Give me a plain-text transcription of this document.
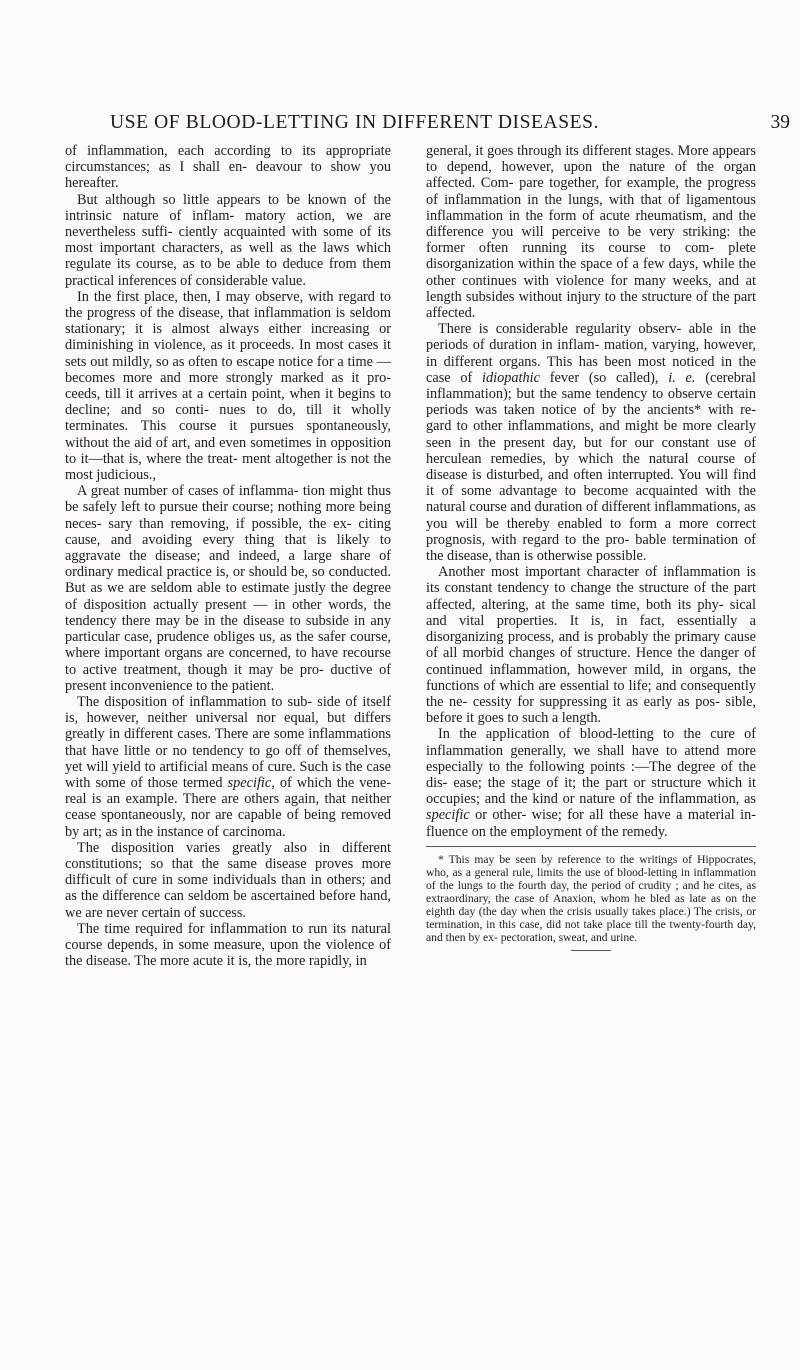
USE OF BLOOD-LETTING IN DIFFERENT DISEASES.	39

of inflammation, each according to its appropriate circumstances; as I shall en- deavour to show you hereafter.

But although so little appears to be known of the intrinsic nature of inflam- matory action, we are nevertheless suffi- ciently acquainted with some of its most important characters, as well as the laws which regulate its course, as to be able to deduce from them practical inferences of considerable value.

In the first place, then, I may observe, with regard to the progress of the disease, that inflammation is seldom stationary; it is almost always either increasing or diminishing in violence, as it proceeds. In most cases it sets out mildly, so as often to escape notice for a time — becomes more and more strongly marked as it pro- ceeds, till it arrives at a certain point, when it begins to decline; and so conti- nues to do, till it wholly terminates. This course it pursues spontaneously, without the aid of art, and even sometimes in opposition to it—that is, where the treat- ment altogether is not the most judicious.,

A great number of cases of inflamma- tion might thus be safely left to pursue their course; nothing more being neces- sary than removing, if possible, the ex- citing cause, and avoiding every thing that is likely to aggravate the disease; and indeed, a large share of ordinary medical practice is, or should be, so conducted. But as we are seldom able to estimate justly the degree of disposition actually present — in other words, the tendency there may be in the disease to subside in any particular case, prudence obliges us, as the safer course, where important organs are concerned, to have recourse to active treatment, though it may be pro- ductive of present inconvenience to the patient.

The disposition of inflammation to sub- side of itself is, however, neither universal nor equal, but differs greatly in different cases. There are some inflammations that have little or no tendency to go off of themselves, yet will yield to artificial means of cure. Such is the case with some of those termed specific, of which the vene- real is an example. There are others again, that neither cease spontaneously, nor are capable of being removed by art; as in the instance of carcinoma.

The disposition varies greatly also in different constitutions; so that the same disease proves more difficult of cure in some individuals than in others; and as the difference can seldom be ascertained before hand, we are never certain of success.

The time required for inflammation to run its natural course depends, in some measure, upon the violence of the disease. The more acute it is, the more rapidly, in

general, it goes through its different stages. More appears to depend, however, upon the nature of the organ affected. Com- pare together, for example, the progress of inflammation in the lungs, with that of ligamentous inflammation in the form of acute rheumatism, and the difference you will perceive to be very striking: the former often running its course to com- plete disorganization within the space of a few days, while the other continues with violence for many weeks, and at length subsides without injury to the structure of the part affected.

There is considerable regularity observ- able in the periods of duration in inflam- mation, varying, however, in different organs. This has been most noticed in the case of idiopathic fever (so called), i. e. (cerebral inflammation); but the same tendency to observe certain periods was taken notice of by the ancients* with re- gard to other inflammations, and might be more clearly seen in the present day, but for our constant use of herculean remedies, by which the natural course of disease is disturbed, and often interrupted. You will find it of some advantage to become acquainted with the natural course and duration of different inflammations, as you will be thereby enabled to form a more correct prognosis, with regard to the pro- bable termination of the disease, than is otherwise possible.

Another most important character of inflammation is its constant tendency to change the structure of the part affected, altering, at the same time, both its phy- sical and vital properties. It is, in fact, essentially a disorganizing process, and is probably the primary cause of all morbid changes of structure. Hence the danger of continued inflammation, however mild, in organs, the functions of which are essential to life; and consequently the ne- cessity for suppressing it as early as pos- sible, before it goes to such a length.

In the application of blood-letting to the cure of inflammation generally, we shall have to attend more especially to the following points :—The degree of the dis- ease; the stage of it; the part or structure which it occupies; and the kind or nature of the inflammation, as specific or other- wise; for all these have a material in- fluence on the employment of the remedy.

* This may be seen by reference to the writings of Hippocrates, who, as a general rule, limits the use of blood-letting in inflammation of the lungs to the fourth day, the period of crudity ; and he cites, as extraordinary, the case of Anaxion, whom he bled as late as on the eighth day (the day when the crisis usually takes place.) The crisis, or termination, in this case, did not take place till the twenty-fourth day, and then by ex- pectoration, sweat, and urine.
